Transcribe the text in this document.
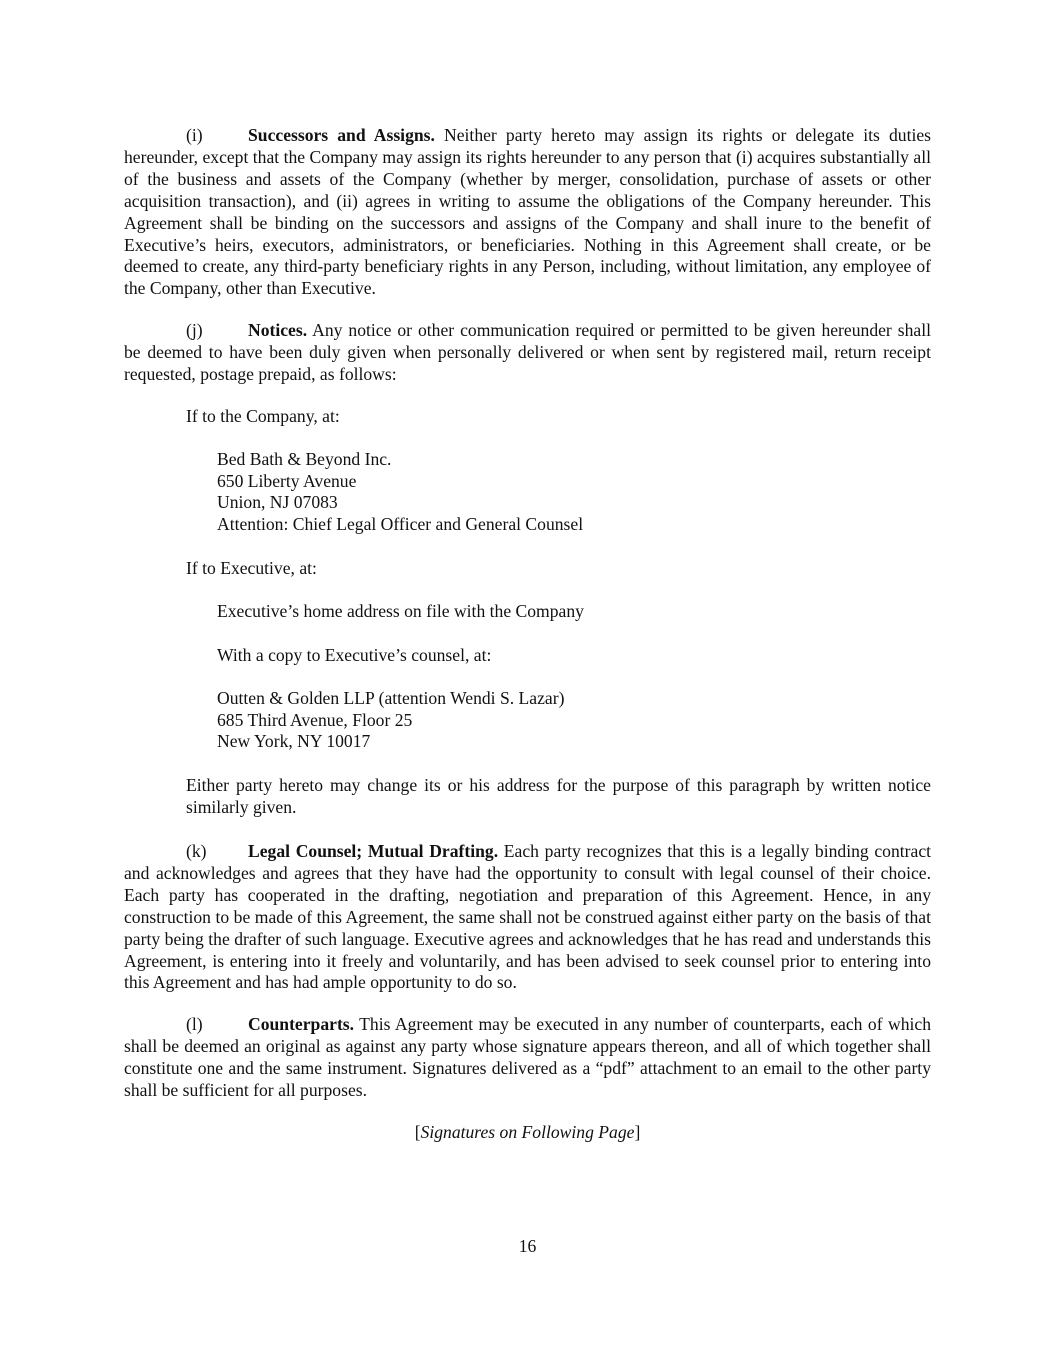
(i)	Successors and Assigns. Neither party hereto may assign its rights or delegate its duties hereunder, except that the Company may assign its rights hereunder to any person that (i) acquires substantially all of the business and assets of the Company (whether by merger, consolidation, purchase of assets or other acquisition transaction), and (ii) agrees in writing to assume the obligations of the Company hereunder. This Agreement shall be binding on the successors and assigns of the Company and shall inure to the benefit of Executive’s heirs, executors, administrators, or beneficiaries. Nothing in this Agreement shall create, or be deemed to create, any third-party beneficiary rights in any Person, including, without limitation, any employee of the Company, other than Executive.

(j)	Notices. Any notice or other communication required or permitted to be given hereunder shall be deemed to have been duly given when personally delivered or when sent by registered mail, return receipt requested, postage prepaid, as follows:

If to the Company, at:

Bed Bath & Beyond Inc.
650 Liberty Avenue
Union, NJ 07083
Attention: Chief Legal Officer and General Counsel

If to Executive, at:

Executive’s home address on file with the Company

With a copy to Executive’s counsel, at:

Outten & Golden LLP (attention Wendi S. Lazar)
685 Third Avenue, Floor 25
New York, NY 10017

Either party hereto may change its or his address for the purpose of this paragraph by written notice similarly given.

(k) Legal Counsel; Mutual Drafting. Each party recognizes that this is a legally binding contract and acknowledges and agrees that they have had the opportunity to consult with legal counsel of their choice. Each party has cooperated in the drafting, negotiation and preparation of this Agreement. Hence, in any construction to be made of this Agreement, the same shall not be construed against either party on the basis of that party being the drafter of such language. Executive agrees and acknowledges that he has read and understands this Agreement, is entering into it freely and voluntarily, and has been advised to seek counsel prior to entering into this Agreement and has had ample opportunity to do so.

(l)	Counterparts. This Agreement may be executed in any number of counterparts, each of which shall be deemed an original as against any party whose signature appears thereon, and all of which together shall constitute one and the same instrument. Signatures delivered as a “pdf” attachment to an email to the other party shall be sufficient for all purposes.

[Signatures on Following Page]

16
